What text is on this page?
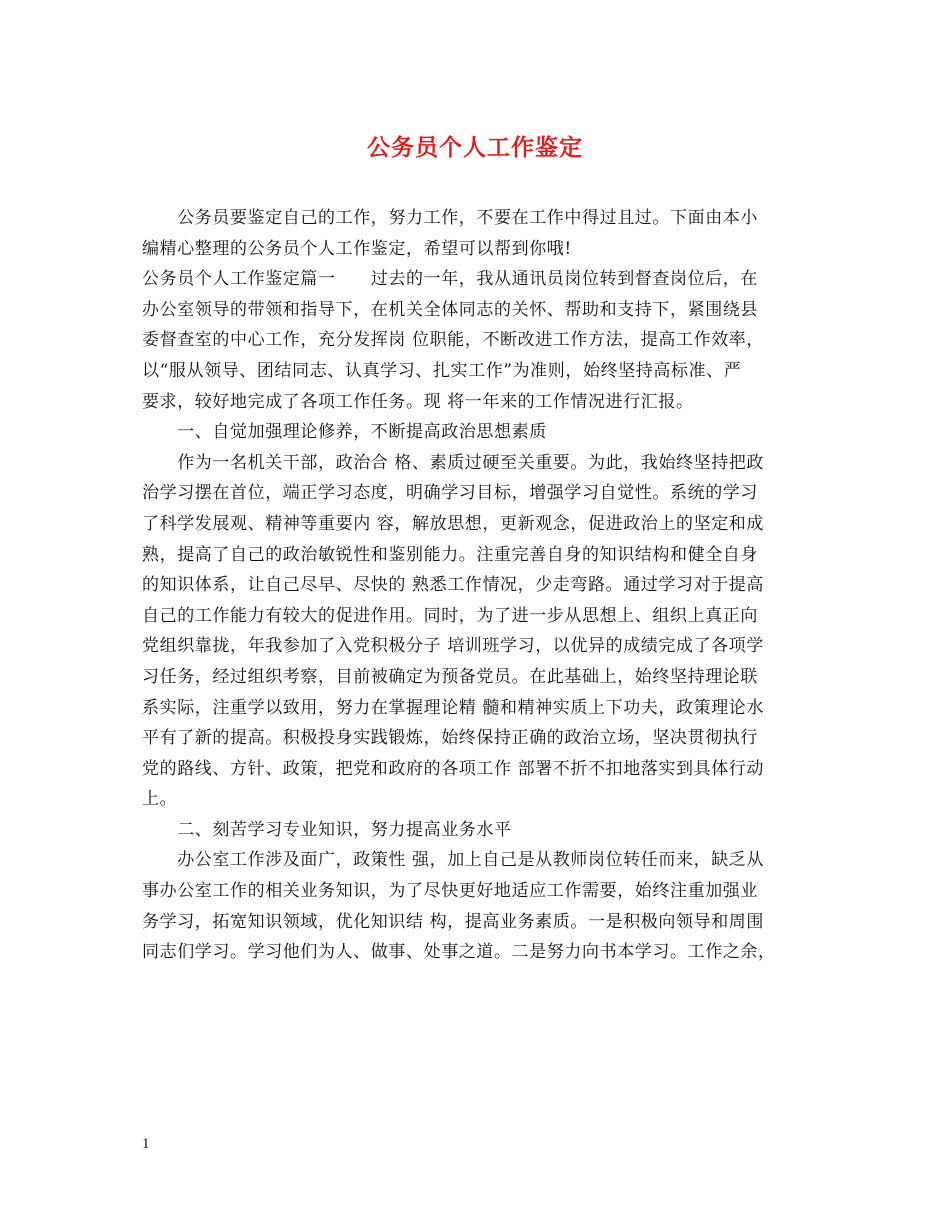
公务员个人工作鉴定
　　公务员要鉴定自己的工作，努力工作，不要在工作中得过且过。下面由本小
编精心整理的公务员个人工作鉴定，希望可以帮到你哦!
公务员个人工作鉴定篇一　　过去的一年，我从通讯员岗位转到督查岗位后，在
办公室领导的带领和指导下，在机关全体同志的关怀、帮助和支持下，紧围绕县
委督查室的中心工作，充分发挥岗 位职能，不断改进工作方法，提高工作效率，
以“服从领导、团结同志、认真学习、扎实工作”为准则，始终坚持高标准、严
要求，较好地完成了各项工作任务。现 将一年来的工作情况进行汇报。
　　一、自觉加强理论修养，不断提高政治思想素质
　　作为一名机关干部，政治合 格、素质过硬至关重要。为此，我始终坚持把政
治学习摆在首位，端正学习态度，明确学习目标，增强学习自觉性。系统的学习
了科学发展观、精神等重要内 容，解放思想，更新观念，促进政治上的坚定和成
熟，提高了自己的政治敏锐性和鉴别能力。注重完善自身的知识结构和健全自身
的知识体系，让自己尽早、尽快的 熟悉工作情况，少走弯路。通过学习对于提高
自己的工作能力有较大的促进作用。同时，为了进一步从思想上、组织上真正向
党组织靠拢，年我参加了入党积极分子 培训班学习，以优异的成绩完成了各项学
习任务，经过组织考察，目前被确定为预备党员。在此基础上，始终坚持理论联
系实际，注重学以致用，努力在掌握理论精 髓和精神实质上下功夫，政策理论水
平有了新的提高。积极投身实践锻炼，始终保持正确的政治立场，坚决贯彻执行
党的路线、方针、政策，把党和政府的各项工作 部署不折不扣地落实到具体行动
上。
　　二、刻苦学习专业知识，努力提高业务水平
　　办公室工作涉及面广，政策性 强，加上自己是从教师岗位转任而来，缺乏从
事办公室工作的相关业务知识，为了尽快更好地适应工作需要，始终注重加强业
务学习，拓宽知识领域，优化知识结 构，提高业务素质。一是积极向领导和周围
同志们学习。学习他们为人、做事、处事之道。二是努力向书本学习。工作之余，
1
